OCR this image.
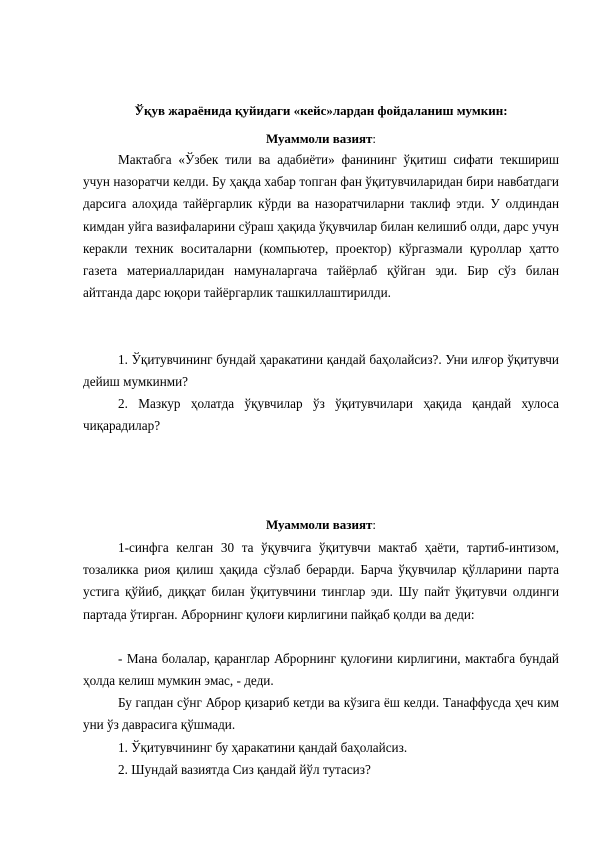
Ўқув жараёнида қуйидаги «кейс»лардан фойдаланиш мумкин:
Муаммоли вазият:

Мактабга «Ўзбек тили ва адабиёти» фанининг ўқитиш сифати текшириш учун назоратчи келди. Бу ҳақда хабар топган фан ўқитувчиларидан бири навбатдаги дарсига алоҳида тайёргарлик кўрди ва назоратчиларни таклиф этди. У олдиндан кимдан уйга вазифаларини сўраш ҳақида ўқувчилар билан келишиб олди, дарс учун керакли техник воситаларни (компьютер, проектор) кўргазмали қуроллар ҳатто газета материалларидан намуналаргача тайёрлаб қўйган эди. Бир сўз билан айтганда дарс юқори тайёргарлик ташкиллаштирилди.

1. Ўқитувчининг бундай ҳаракатини қандай баҳолайсиз?. Уни илғор ўқитувчи дейиш мумкинми?

2. Мазкур ҳолатда ўқувчилар ўз ўқитувчилари ҳақида қандай хулоса чиқарадилар?

Муаммоли вазият:

1-синфга келган 30 та ўқувчига ўқитувчи мактаб ҳаёти, тартиб-интизом, тозаликка риоя қилиш ҳақида сўзлаб берарди. Барча ўқувчилар қўлларини парта устига қўйиб, диққат билан ўқитувчини тинглар эди. Шу пайт ўқитувчи олдинги партада ўтирган. Аброрнинг қулоғи кирлигини пайқаб қолди ва деди:

- Мана болалар, қаранглар Аброрнинг қулоғини кирлигини, мактабга бундай ҳолда келиш мумкин эмас, - деди.

Бу гапдан сўнг Аброр қизариб кетди ва кўзига ёш келди. Танаффусда ҳеч ким уни ўз даврасига қўшмади.

1. Ўқитувчининг бу ҳаракатини қандай баҳолайсиз.

2. Шундай вазиятда Сиз қандай йўл тутасиз?
